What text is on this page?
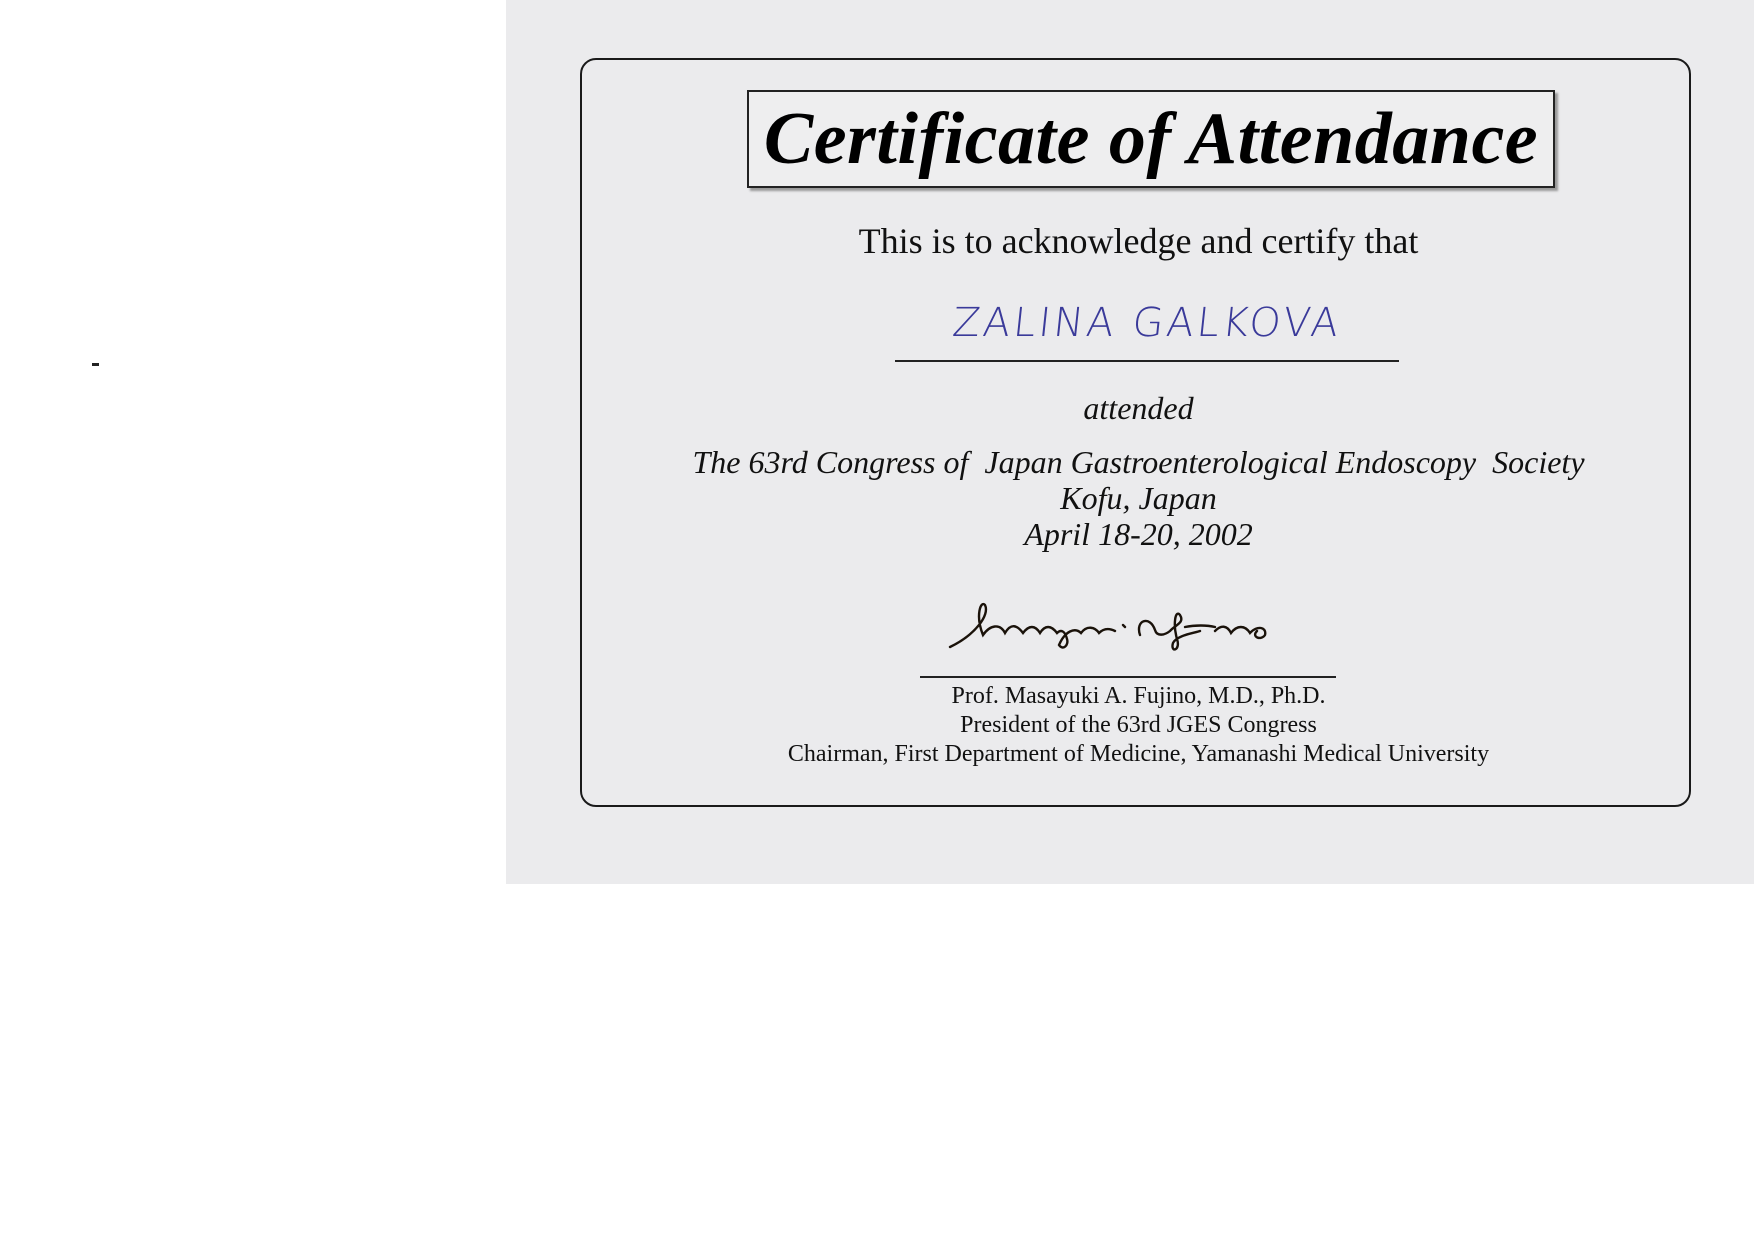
Certificate of Attendance
This is to acknowledge and certify that
ZALINA GALKOVA
attended
The 63rd Congress of  Japan Gastroenterological Endoscopy  Society
Kofu, Japan
April 18-20, 2002
Prof. Masayuki A. Fujino, M.D., Ph.D.
President of the 63rd JGES Congress
Chairman, First Department of Medicine, Yamanashi Medical University
